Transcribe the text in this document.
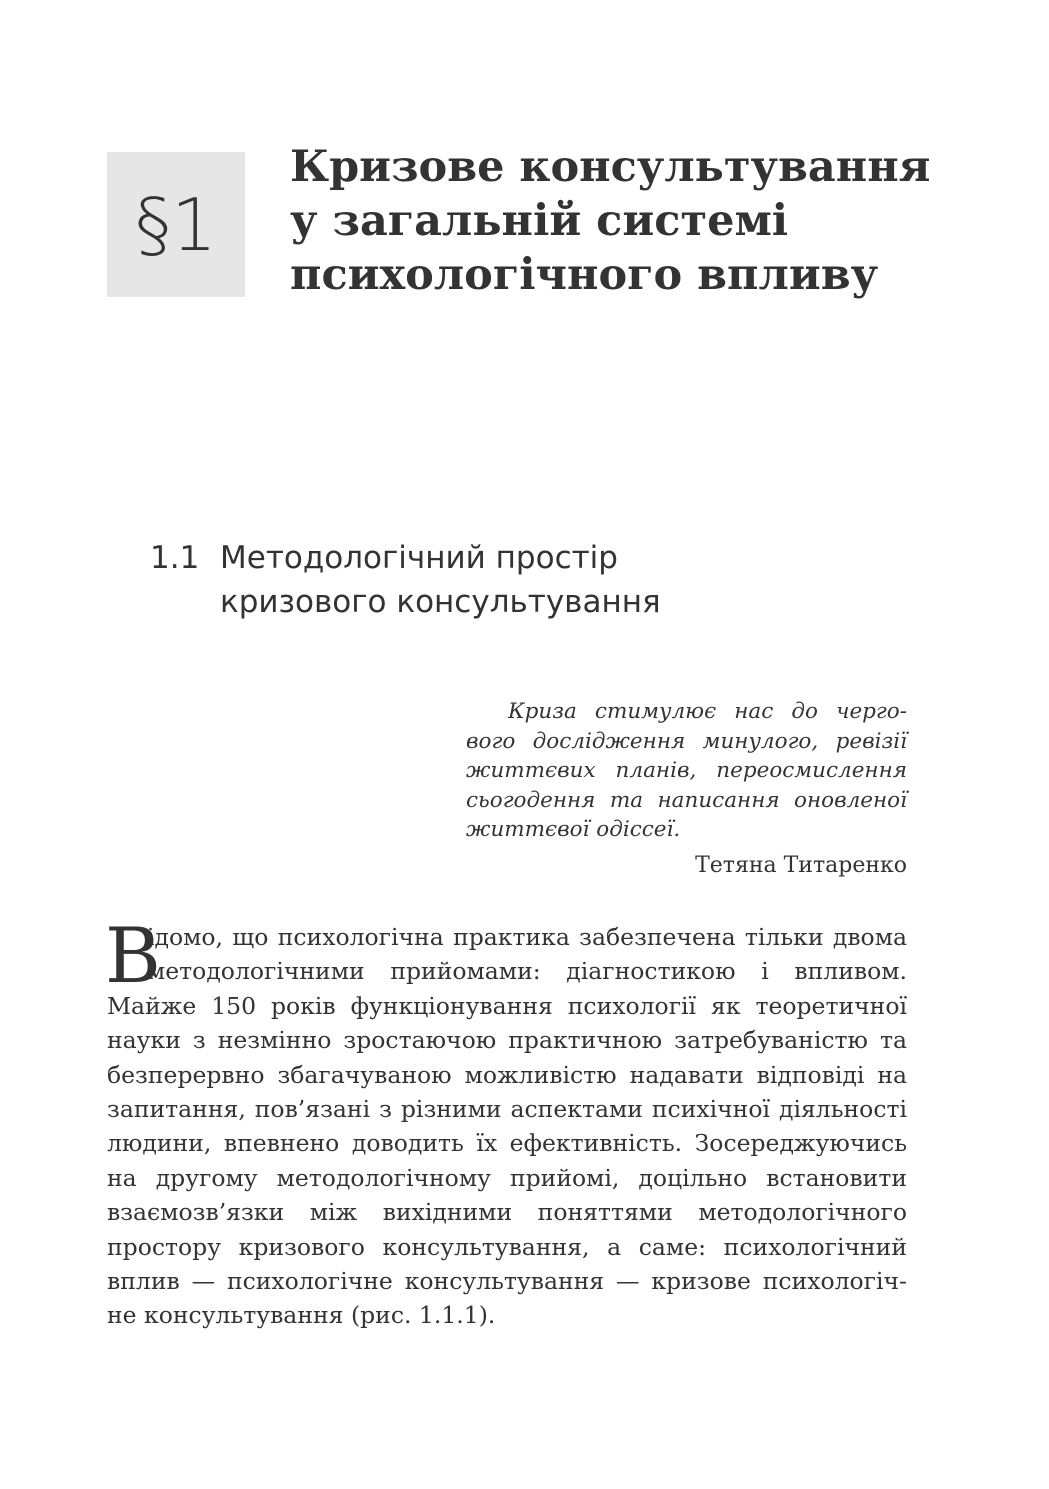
§1
Кризове консультування
у загальній системі
психологічного впливу
1.1 Методологічний простір
кризового консультування
Криза стимулює нас до черго-
вого дослідження минулого, ревізії
життєвих планів, переосмислення
сьогодення та написання оновленої
життєвої одіссеї.
Тетяна Титаренко
В
ідомо, що психологічна практика забезпечена тільки двома
методологічними прийомами: діагностикою і впливом.
Майже 150 років функціонування психології як теоретичної
науки з незмінно зростаючою практичною затребуваністю та
безперервно збагачуваною можливістю надавати відповіді на
запитання, пов’язані з різними аспектами психічної діяльності
людини, впевнено доводить їх ефективність. Зосереджуючись
на другому методологічному прийомі, доцільно встановити
взаємозв’язки між вихідними поняттями методологічного
простору кризового консультування, а саме: психологічний
вплив — психологічне консультування — кризове психологіч-
не консультування (рис. 1.1.1).
